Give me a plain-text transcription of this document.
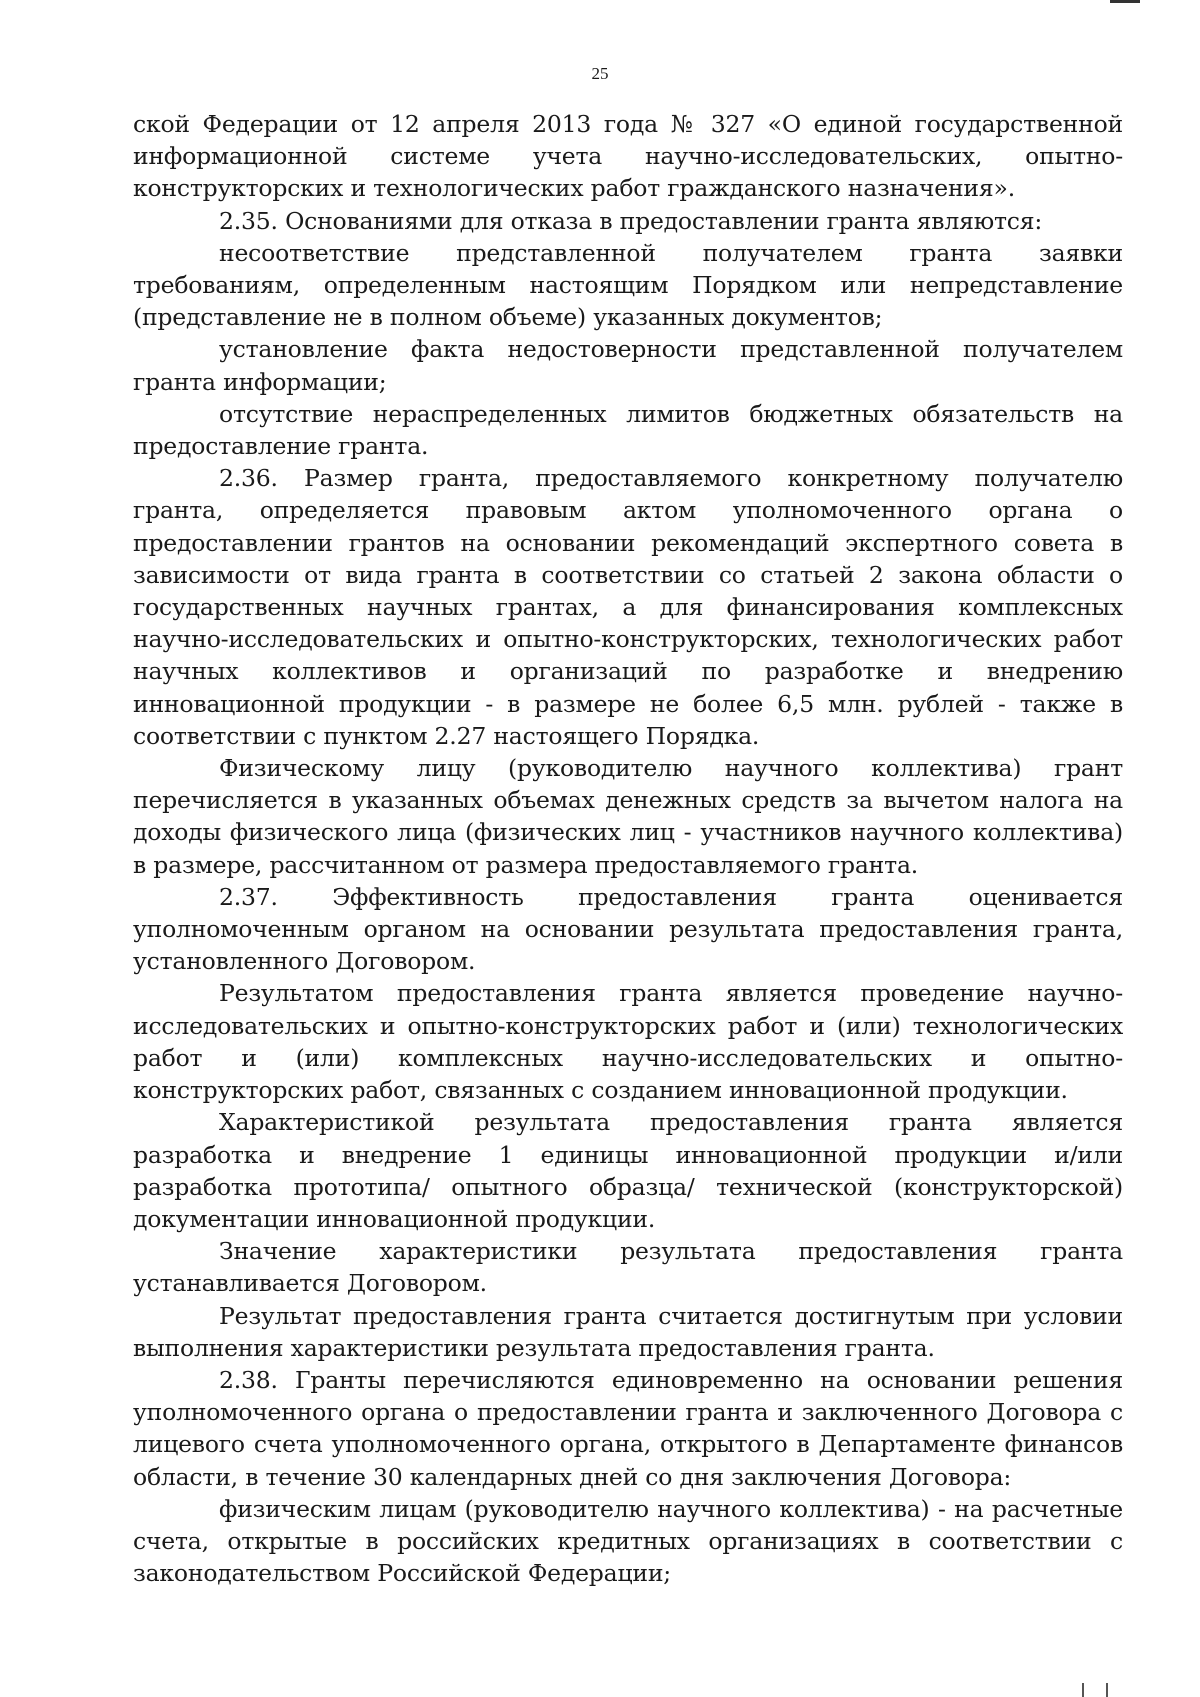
25

ской Федерации от 12 апреля 2013 года № 327 «О единой государственной информационной системе учета научно-исследовательских, опытно-конструкторских и технологических работ гражданского назначения».

2.35. Основаниями для отказа в предоставлении гранта являются:

несоответствие представленной получателем гранта заявки требованиям, определенным настоящим Порядком или непредставление (представление не в полном объеме) указанных документов;

установление факта недостоверности представленной получателем гранта информации;

отсутствие нераспределенных лимитов бюджетных обязательств на предоставление гранта.

2.36. Размер гранта, предоставляемого конкретному получателю гранта, определяется правовым актом уполномоченного органа о предоставлении грантов на основании рекомендаций экспертного совета в зависимости от вида гранта в соответствии со статьей 2 закона области о государственных научных грантах, а для финансирования комплексных научно-исследовательских и опытно-конструкторских, технологических работ научных коллективов и организаций по разработке и внедрению инновационной продукции - в размере не более 6,5 млн. рублей - также в соответствии с пунктом 2.27 настоящего Порядка.

Физическому лицу (руководителю научного коллектива) грант перечисляется в указанных объемах денежных средств за вычетом налога на доходы физического лица (физических лиц - участников научного коллектива) в размере, рассчитанном от размера предоставляемого гранта.

2.37. Эффективность предоставления гранта оценивается уполномоченным органом на основании результата предоставления гранта, установленного Договором.

Результатом предоставления гранта является проведение научно-исследовательских и опытно-конструкторских работ и (или) технологических работ и (или) комплексных научно-исследовательских и опытно-конструкторских работ, связанных с созданием инновационной продукции.

Характеристикой результата предоставления гранта является разработка и внедрение 1 единицы инновационной продукции и/или разработка прототипа/ опытного образца/ технической (конструкторской) документации инновационной продукции.

Значение характеристики результата предоставления гранта устанавливается Договором.

Результат предоставления гранта считается достигнутым при условии выполнения характеристики результата предоставления гранта.

2.38. Гранты перечисляются единовременно на основании решения уполномоченного органа о предоставлении гранта и заключенного Договора с лицевого счета уполномоченного органа, открытого в Департаменте финансов области, в течение 30 календарных дней со дня заключения Договора:

физическим лицам (руководителю научного коллектива) - на расчетные счета, открытые в российских кредитных организациях в соответствии с законодательством Российской Федерации;
